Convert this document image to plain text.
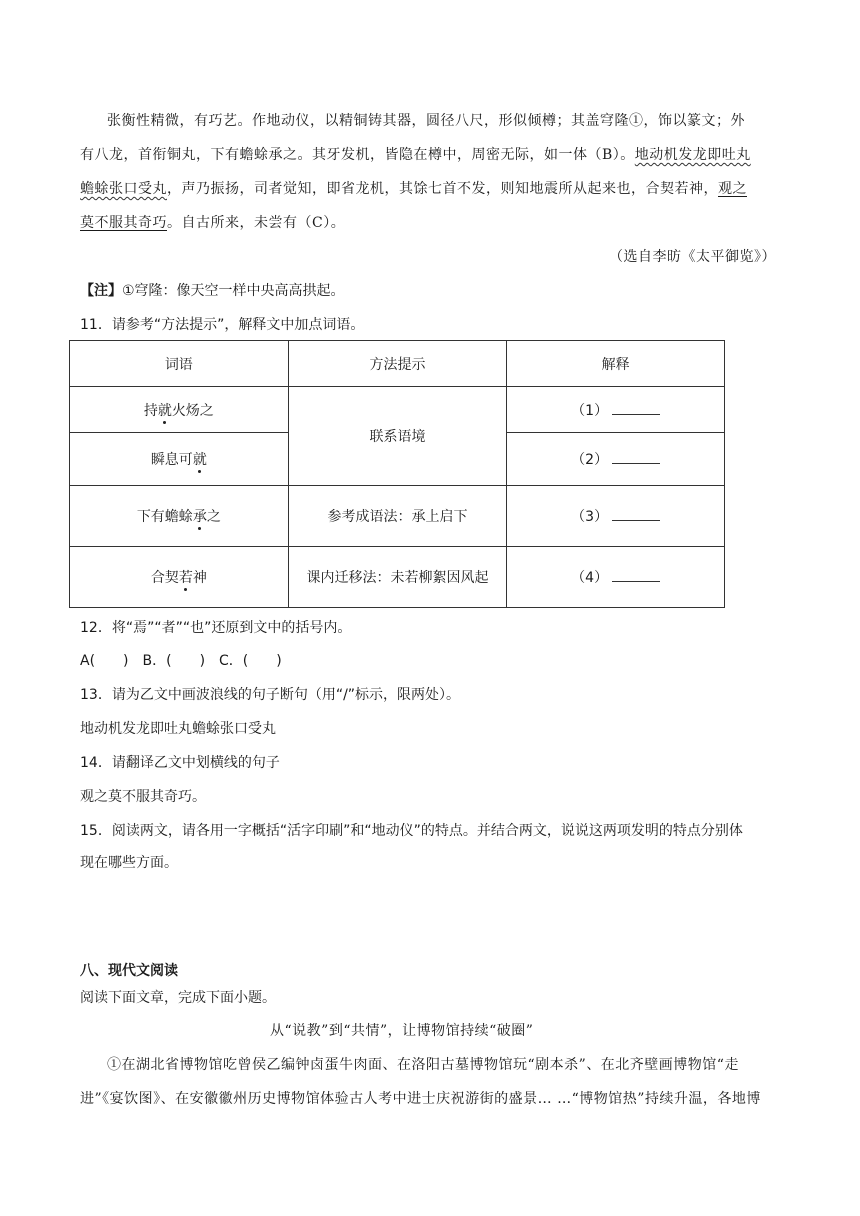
张衡性精微，有巧艺。作地动仪，以精铜铸其器，圆径八尺，形似倾樽；其盖穹隆①，饰以篆文；外
有八龙，首衔铜丸，下有蟾蜍承之。其牙发机，皆隐在樽中，周密无际，如一体（B）。地动机发龙即吐丸
蟾蜍张口受丸，声乃振扬，司者觉知，即省龙机，其馀七首不发，则知地震所从起来也，合契若神，观之
莫不服其奇巧。自古所来，未尝有（C）。
（选自李昉《太平御览》）
【注】①穹隆：像天空一样中央高高拱起。
11．请参考“方法提示”，解释文中加点词语。
词语	方法提示	解释
持就火炀之	联系语境	（1）
瞬息可就		（2）
下有蟾蜍承之	参考成语法：承上启下	（3）
合契若神	课内迁移法：未若柳絮因风起	（4）
12．将“焉”“者”“也”还原到文中的括号内。
A(　　)　B．(　　)　C．(　　)
13．请为乙文中画波浪线的句子断句（用“/”标示，限两处）。
地动机发龙即吐丸蟾蜍张口受丸
14．请翻译乙文中划横线的句子
观之莫不服其奇巧。
15．阅读两文，请各用一字概括“活字印刷”和“地动仪”的特点。并结合两文，说说这两项发明的特点分别体
现在哪些方面。
八、现代文阅读
阅读下面文章，完成下面小题。
从“说教”到“共情”，让博物馆持续“破圈”
①在湖北省博物馆吃曾侯乙编钟卤蛋牛肉面、在洛阳古墓博物馆玩“剧本杀”、在北齐壁画博物馆“走
进”《宴饮图》、在安徽徽州历史博物馆体验古人考中进士庆祝游街的盛景… …“博物馆热”持续升温，各地博
